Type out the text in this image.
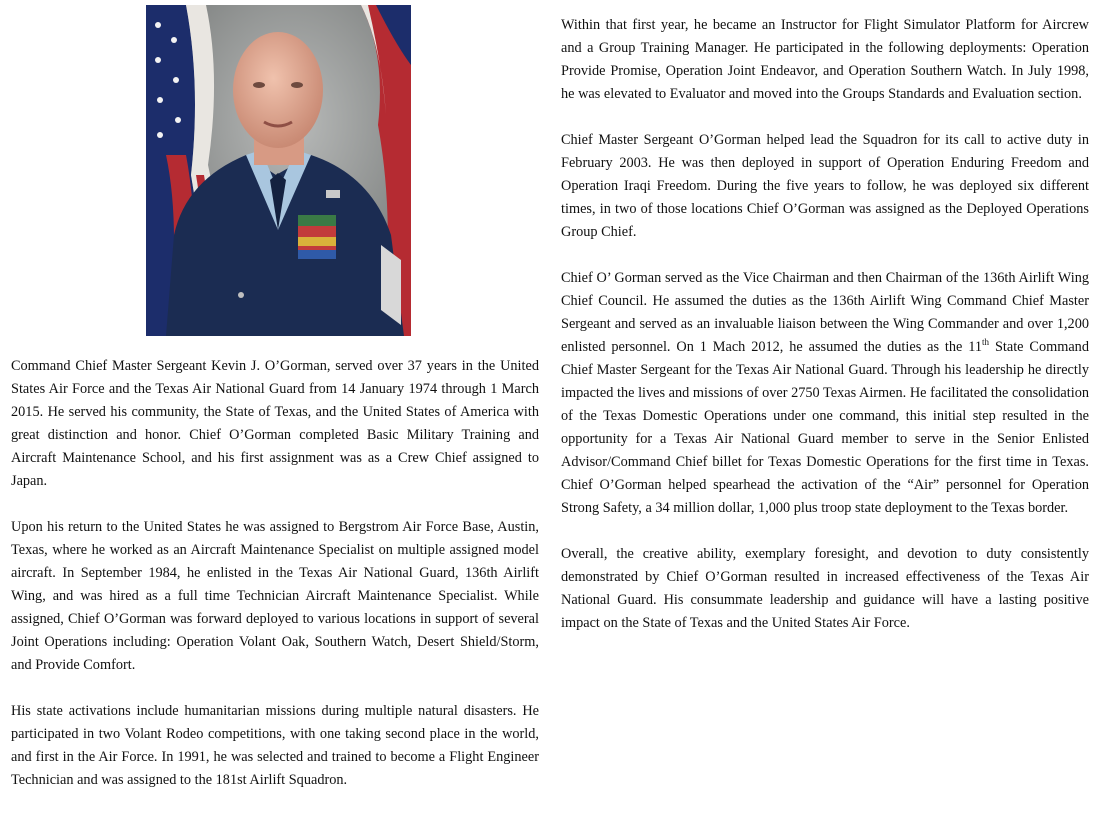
Command Chief Master Sergeant Kevin J. O’Gorman, served over 37 years in the United States Air Force and the Texas Air National Guard from 14 January 1974 through 1 March 2015. He served his community, the State of Texas, and the United States of America with great distinction and honor. Chief O’Gorman completed Basic Military Training and Aircraft Maintenance School, and his first assignment was as a Crew Chief assigned to Japan.

Upon his return to the United States he was assigned to Bergstrom Air Force Base, Austin, Texas, where he worked as an Aircraft Maintenance Specialist on multiple assigned model aircraft. In September 1984, he enlisted in the Texas Air National Guard, 136th Airlift Wing, and was hired as a full time Technician Aircraft Maintenance Specialist. While assigned, Chief O’Gorman was forward deployed to various locations in support of several Joint Operations including: Operation Volant Oak, Southern Watch, Desert Shield/Storm, and Provide Comfort.

His state activations include humanitarian missions during multiple natural disasters. He participated in two Volant Rodeo competitions, with one taking second place in the world, and first in the Air Force. In 1991, he was selected and trained to become a Flight Engineer Technician and was assigned to the 181st Airlift Squadron.

Within that first year, he became an Instructor for Flight Simulator Platform for Aircrew and a Group Training Manager. He participated in the following deployments: Operation Provide Promise, Operation Joint Endeavor, and Operation Southern Watch. In July 1998, he was elevated to Evaluator and moved into the Groups Standards and Evaluation section.

Chief Master Sergeant O’Gorman helped lead the Squadron for its call to active duty in February 2003. He was then deployed in support of Operation Enduring Freedom and Operation Iraqi Freedom. During the five years to follow, he was deployed six different times, in two of those locations Chief O’Gorman was assigned as the Deployed Operations Group Chief.

Chief O’ Gorman served as the Vice Chairman and then Chairman of the 136th Airlift Wing Chief Council. He assumed the duties as the 136th Airlift Wing Command Chief Master Sergeant and served as an invaluable liaison between the Wing Commander and over 1,200 enlisted personnel. On 1 Mach 2012, he assumed the duties as the 11th State Command Chief Master Sergeant for the Texas Air National Guard. Through his leadership he directly impacted the lives and missions of over 2750 Texas Airmen. He facilitated the consolidation of the Texas Domestic Operations under one command, this initial step resulted in the opportunity for a Texas Air National Guard member to serve in the Senior Enlisted Advisor/Command Chief billet for Texas Domestic Operations for the first time in Texas. Chief O’Gorman helped spearhead the activation of the “Air” personnel for Operation Strong Safety, a 34 million dollar, 1,000 plus troop state deployment to the Texas border.

Overall, the creative ability, exemplary foresight, and devotion to duty consistently demonstrated by Chief O’Gorman resulted in increased effectiveness of the Texas Air National Guard. His consummate leadership and guidance will have a lasting positive impact on the State of Texas and the United States Air Force.
